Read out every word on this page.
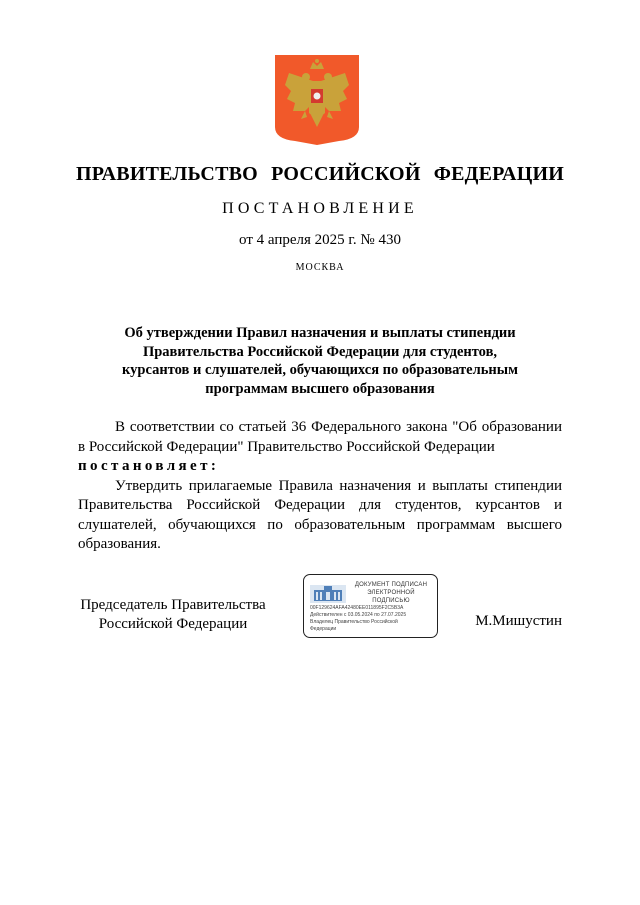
ПРАВИТЕЛЬСТВО РОССИЙСКОЙ ФЕДЕРАЦИИ
ПОСТАНОВЛЕНИЕ
от 4 апреля 2025 г. № 430
МОСКВА
Об утверждении Правил назначения и выплаты стипендии
Правительства Российской Федерации для студентов,
курсантов и слушателей, обучающихся по образовательным
программам высшего образования

В соответствии со статьей 36 Федерального закона "Об образовании в Российской Федерации" Правительство Российской Федерации

постановляет:

Утвердить прилагаемые Правила назначения и выплаты стипендии Правительства Российской Федерации для студентов, курсантов и слушателей, обучающихся по образовательным программам высшего образования.

Председатель Правительства
Российской Федерации
ДОКУМЕНТ ПОДПИСАН
ЭЛЕКТРОННОЙ ПОДПИСЬЮ
00F129624AFA42480EE011895F2C5B3A
Действителен с 03.05.2024 по 27.07.2025
Владелец Правительство Российской
Федерации	М.Мишустин
